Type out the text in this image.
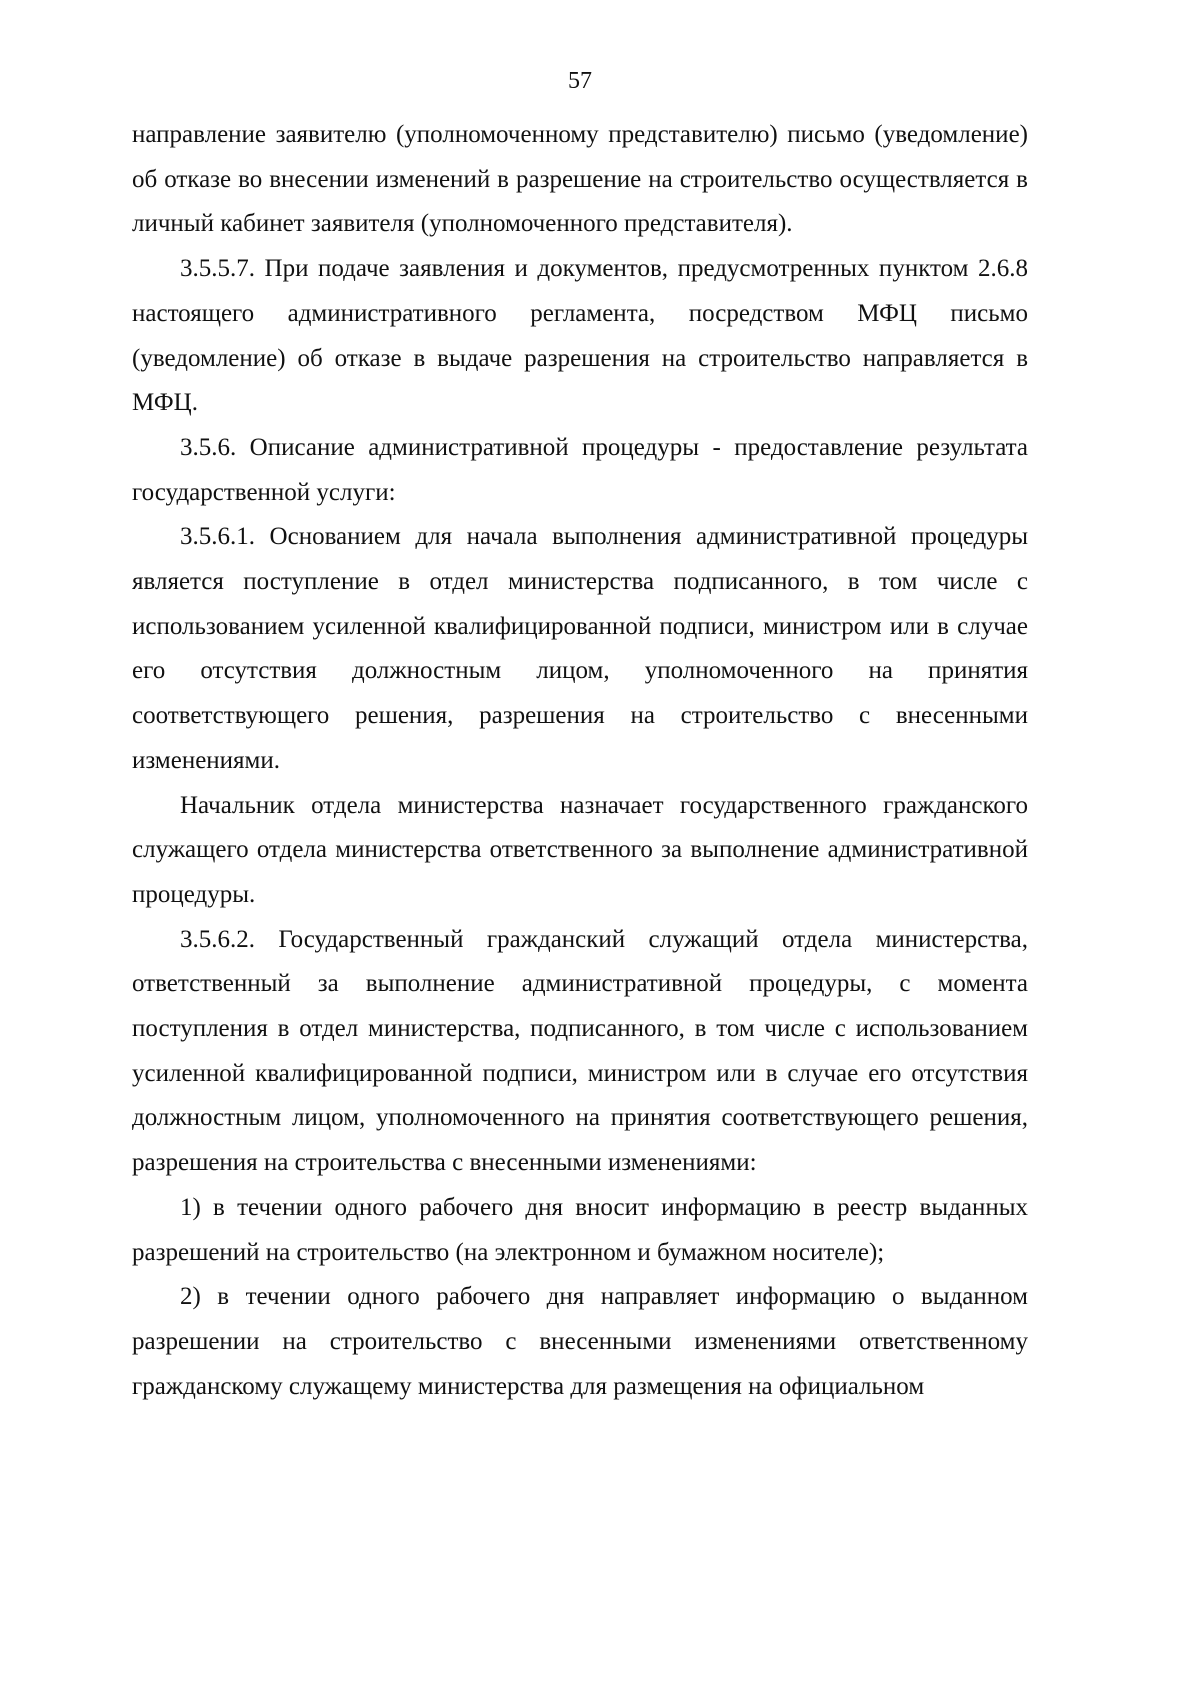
57

направление заявителю (уполномоченному представителю) письмо (уведомление) об отказе во внесении изменений в разрешение на строительство осуществляется в личный кабинет заявителя (уполномоченного представителя).

3.5.5.7. При подаче заявления и документов, предусмотренных пунктом 2.6.8 настоящего административного регламента, посредством МФЦ письмо (уведомление) об отказе в выдаче разрешения на строительство направляется в МФЦ.

3.5.6. Описание административной процедуры - предоставление результата государственной услуги:

3.5.6.1. Основанием для начала выполнения административной процедуры является поступление в отдел министерства подписанного, в том числе с использованием усиленной квалифицированной подписи, министром или в случае его отсутствия должностным лицом, уполномоченного на принятия соответствующего решения, разрешения на строительство с внесенными изменениями.

Начальник отдела министерства назначает государственного гражданского служащего отдела министерства ответственного за выполнение административной процедуры.

3.5.6.2. Государственный гражданский служащий отдела министерства, ответственный за выполнение административной процедуры, с момента поступления в отдел министерства, подписанного, в том числе с использованием усиленной квалифицированной подписи, министром или в случае его отсутствия должностным лицом, уполномоченного на принятия соответствующего решения, разрешения на строительства с внесенными изменениями:

1) в течении одного рабочего дня вносит информацию в реестр выданных разрешений на строительство (на электронном и бумажном носителе);

2) в течении одного рабочего дня направляет информацию о выданном разрешении на строительство с внесенными изменениями ответственному гражданскому служащему министерства для размещения на официальном
